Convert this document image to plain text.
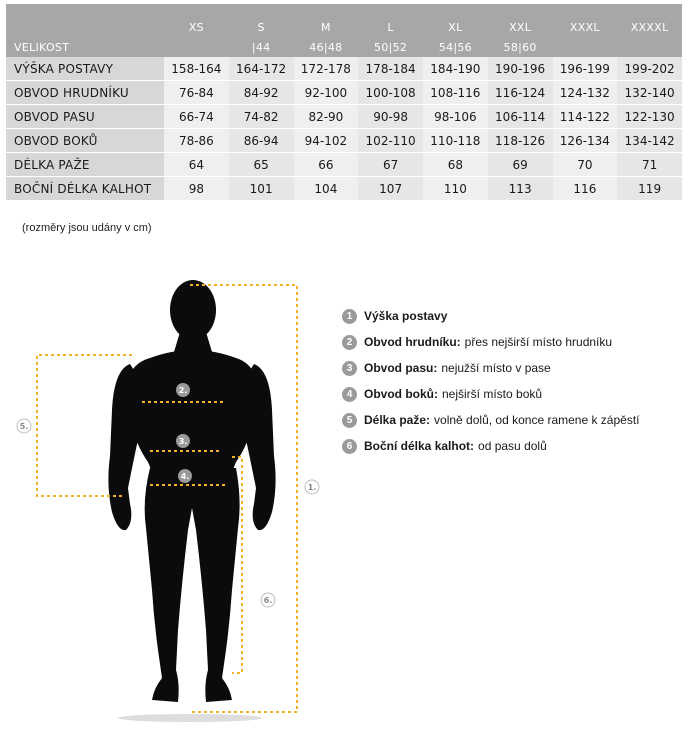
VELIKOST	XS	S	M	L	XL	XXL	XXXL	XXXXL
		|44	46|48	50|52	54|56	58|60		
VÝŠKA POSTAVY	158-164	164-172	172-178	178-184	184-190	190-196	196-199	199-202
OBVOD HRUDNÍKU	76-84	84-92	92-100	100-108	108-116	116-124	124-132	132-140
OBVOD PASU	66-74	74-82	82-90	90-98	98-106	106-114	114-122	122-130
OBVOD BOKŮ	78-86	86-94	94-102	102-110	110-118	118-126	126-134	134-142
DÉLKA PAŽE	64	65	66	67	68	69	70	71
BOČNÍ DÉLKA KALHOT	98	101	104	107	110	113	116	119
(rozměry jsou udány v cm)
2.
3.
4.
1.
5.
6.
1 Výška postavy
2 Obvod hrudníku: přes nejširší místo hrudníku
3 Obvod pasu: nejužší místo v pase
4 Obvod boků: nejširší místo boků
5 Délka paže: volně dolů, od konce ramene k zápěstí
6 Boční délka kalhot: od pasu dolů
